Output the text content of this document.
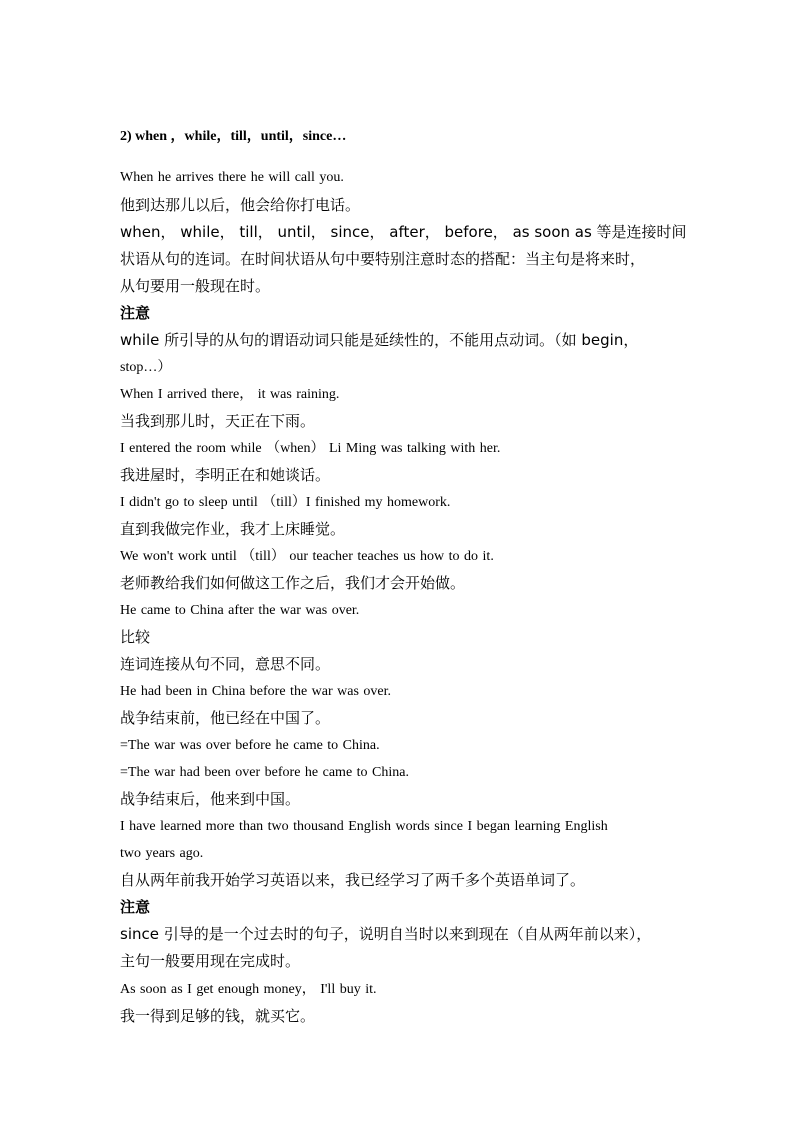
2) when ，while，till，until，since…
When he arrives there he will call you.
他到达那儿以后，他会给你打电话。
when， while， till， until， since， after， before， as soon as 等是连接时间
状语从句的连词。在时间状语从句中要特别注意时态的搭配：当主句是将来时，
从句要用一般现在时。
注意
while 所引导的从句的谓语动词只能是延续性的，不能用点动词。（如 begin，
stop…）
When I arrived there， it was raining.
当我到那儿时，天正在下雨。
I entered the room while （when） Li Ming was talking with her.
我进屋时，李明正在和她谈话。
I didn't go to sleep until （till）I finished my homework.
直到我做完作业，我才上床睡觉。
We won't work until （till） our teacher teaches us how to do it.
老师教给我们如何做这工作之后，我们才会开始做。
He came to China after the war was over.
比较
连词连接从句不同，意思不同。
He had been in China before the war was over.
战争结束前，他已经在中国了。
=The war was over before he came to China.
=The war had been over before he came to China.
战争结束后，他来到中国。
I have learned more than two thousand English words since I began learning English
two years ago.
自从两年前我开始学习英语以来，我已经学习了两千多个英语单词了。
注意
since 引导的是一个过去时的句子，说明自当时以来到现在（自从两年前以来），
主句一般要用现在完成时。
As soon as I get enough money， I'll buy it.
我一得到足够的钱，就买它。
